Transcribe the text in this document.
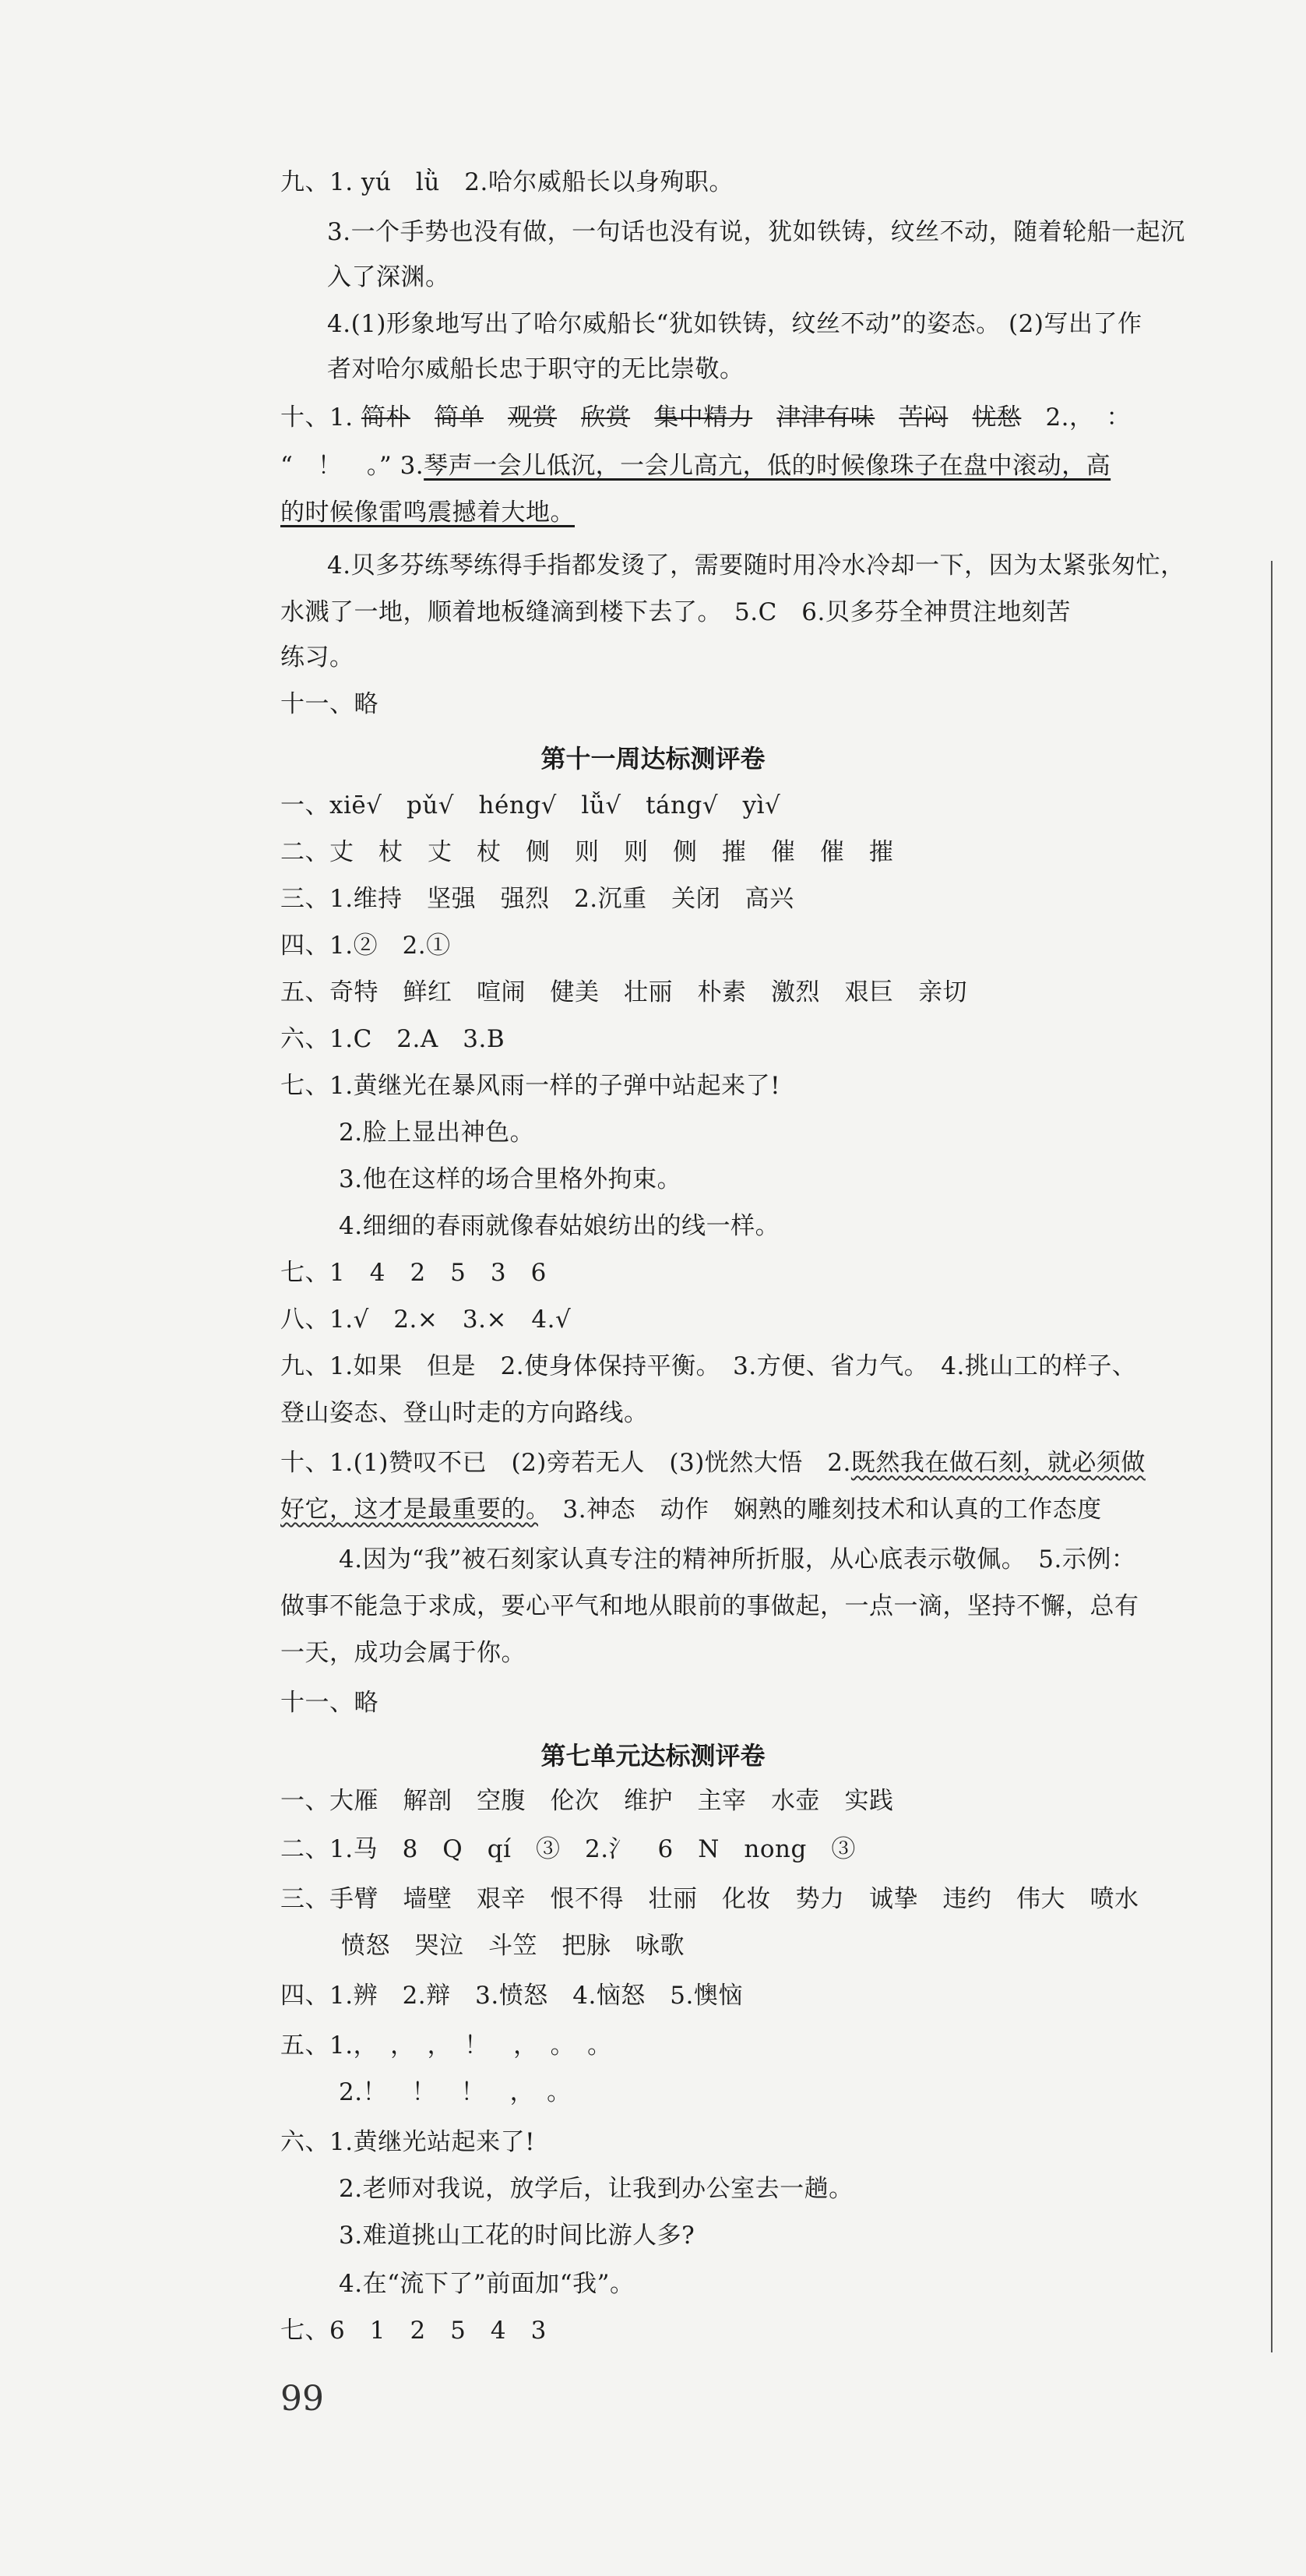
九、1. yú　lǜ　2.哈尔威船长以身殉职。
3.一个手势也没有做，一句话也没有说，犹如铁铸，纹丝不动，随着轮船一起沉
入了深渊。
4.(1)形象地写出了哈尔威船长“犹如铁铸，纹丝不动”的姿态。 (2)写出了作
者对哈尔威船长忠于职守的无比崇敬。
十、1. 简朴 简单 观赏 欣赏 集中精力 津津有味 苦闷 忧愁 2.，　：
“　！　。” 3.琴声一会儿低沉，一会儿高亢，低的时候像珠子在盘中滚动，高
的时候像雷鸣震撼着大地。
4.贝多芬练琴练得手指都发烫了，需要随时用冷水冷却一下，因为太紧张匆忙，
水溅了一地，顺着地板缝滴到楼下去了。　5.C　6.贝多芬全神贯注地刻苦
练习。
十一、略
第十一周达标测评卷
一、xiē√　pǔ√　héng√　lǚ√　táng√　yì√
二、丈　杖　丈　杖　侧　则　则　侧　摧　催　催　摧
三、1.维持　坚强　强烈　2.沉重　关闭　高兴
四、1.②　2.①
五、奇特　鲜红　喧闹　健美　壮丽　朴素　激烈　艰巨　亲切
六、1.C　2.A　3.B
七、1.黄继光在暴风雨一样的子弹中站起来了!
2.脸上显出神色。
3.他在这样的场合里格外拘束。
4.细细的春雨就像春姑娘纺出的线一样。
七、1　4　2　5　3　6
八、1.√　2.×　3.×　4.√
九、1.如果　但是　2.使身体保持平衡。　3.方便、省力气。　4.挑山工的样子、
登山姿态、登山时走的方向路线。
十、1.(1)赞叹不已　(2)旁若无人　(3)恍然大悟　2.既然我在做石刻，就必须做
好它，这才是最重要的。　3.神态　动作　娴熟的雕刻技术和认真的工作态度
4.因为“我”被石刻家认真专注的精神所折服，从心底表示敬佩。　5.示例：
做事不能急于求成，要心平气和地从眼前的事做起，一点一滴，坚持不懈，总有
一天，成功会属于你。
十一、略
第七单元达标测评卷
一、大雁　解剖　空腹　伦次　维护　主宰　水壶　实践
二、1.马　8　Q　qí　③　2.氵　6　N　nong　③
三、手臂　墙壁　艰辛　恨不得　壮丽　化妆　势力　诚挚　违约　伟大　喷水
愤怒　哭泣　斗笠　把脉　咏歌
四、1.辨　2.辩　3.愤怒　4.恼怒　5.懊恼
五、1.，　，　，　！　，　。　。
2.！　！　！　，　。
六、1.黄继光站起来了!
2.老师对我说，放学后，让我到办公室去一趟。
3.难道挑山工花的时间比游人多?
4.在“流下了”前面加“我”。
七、6　1　2　5　4　3
99
